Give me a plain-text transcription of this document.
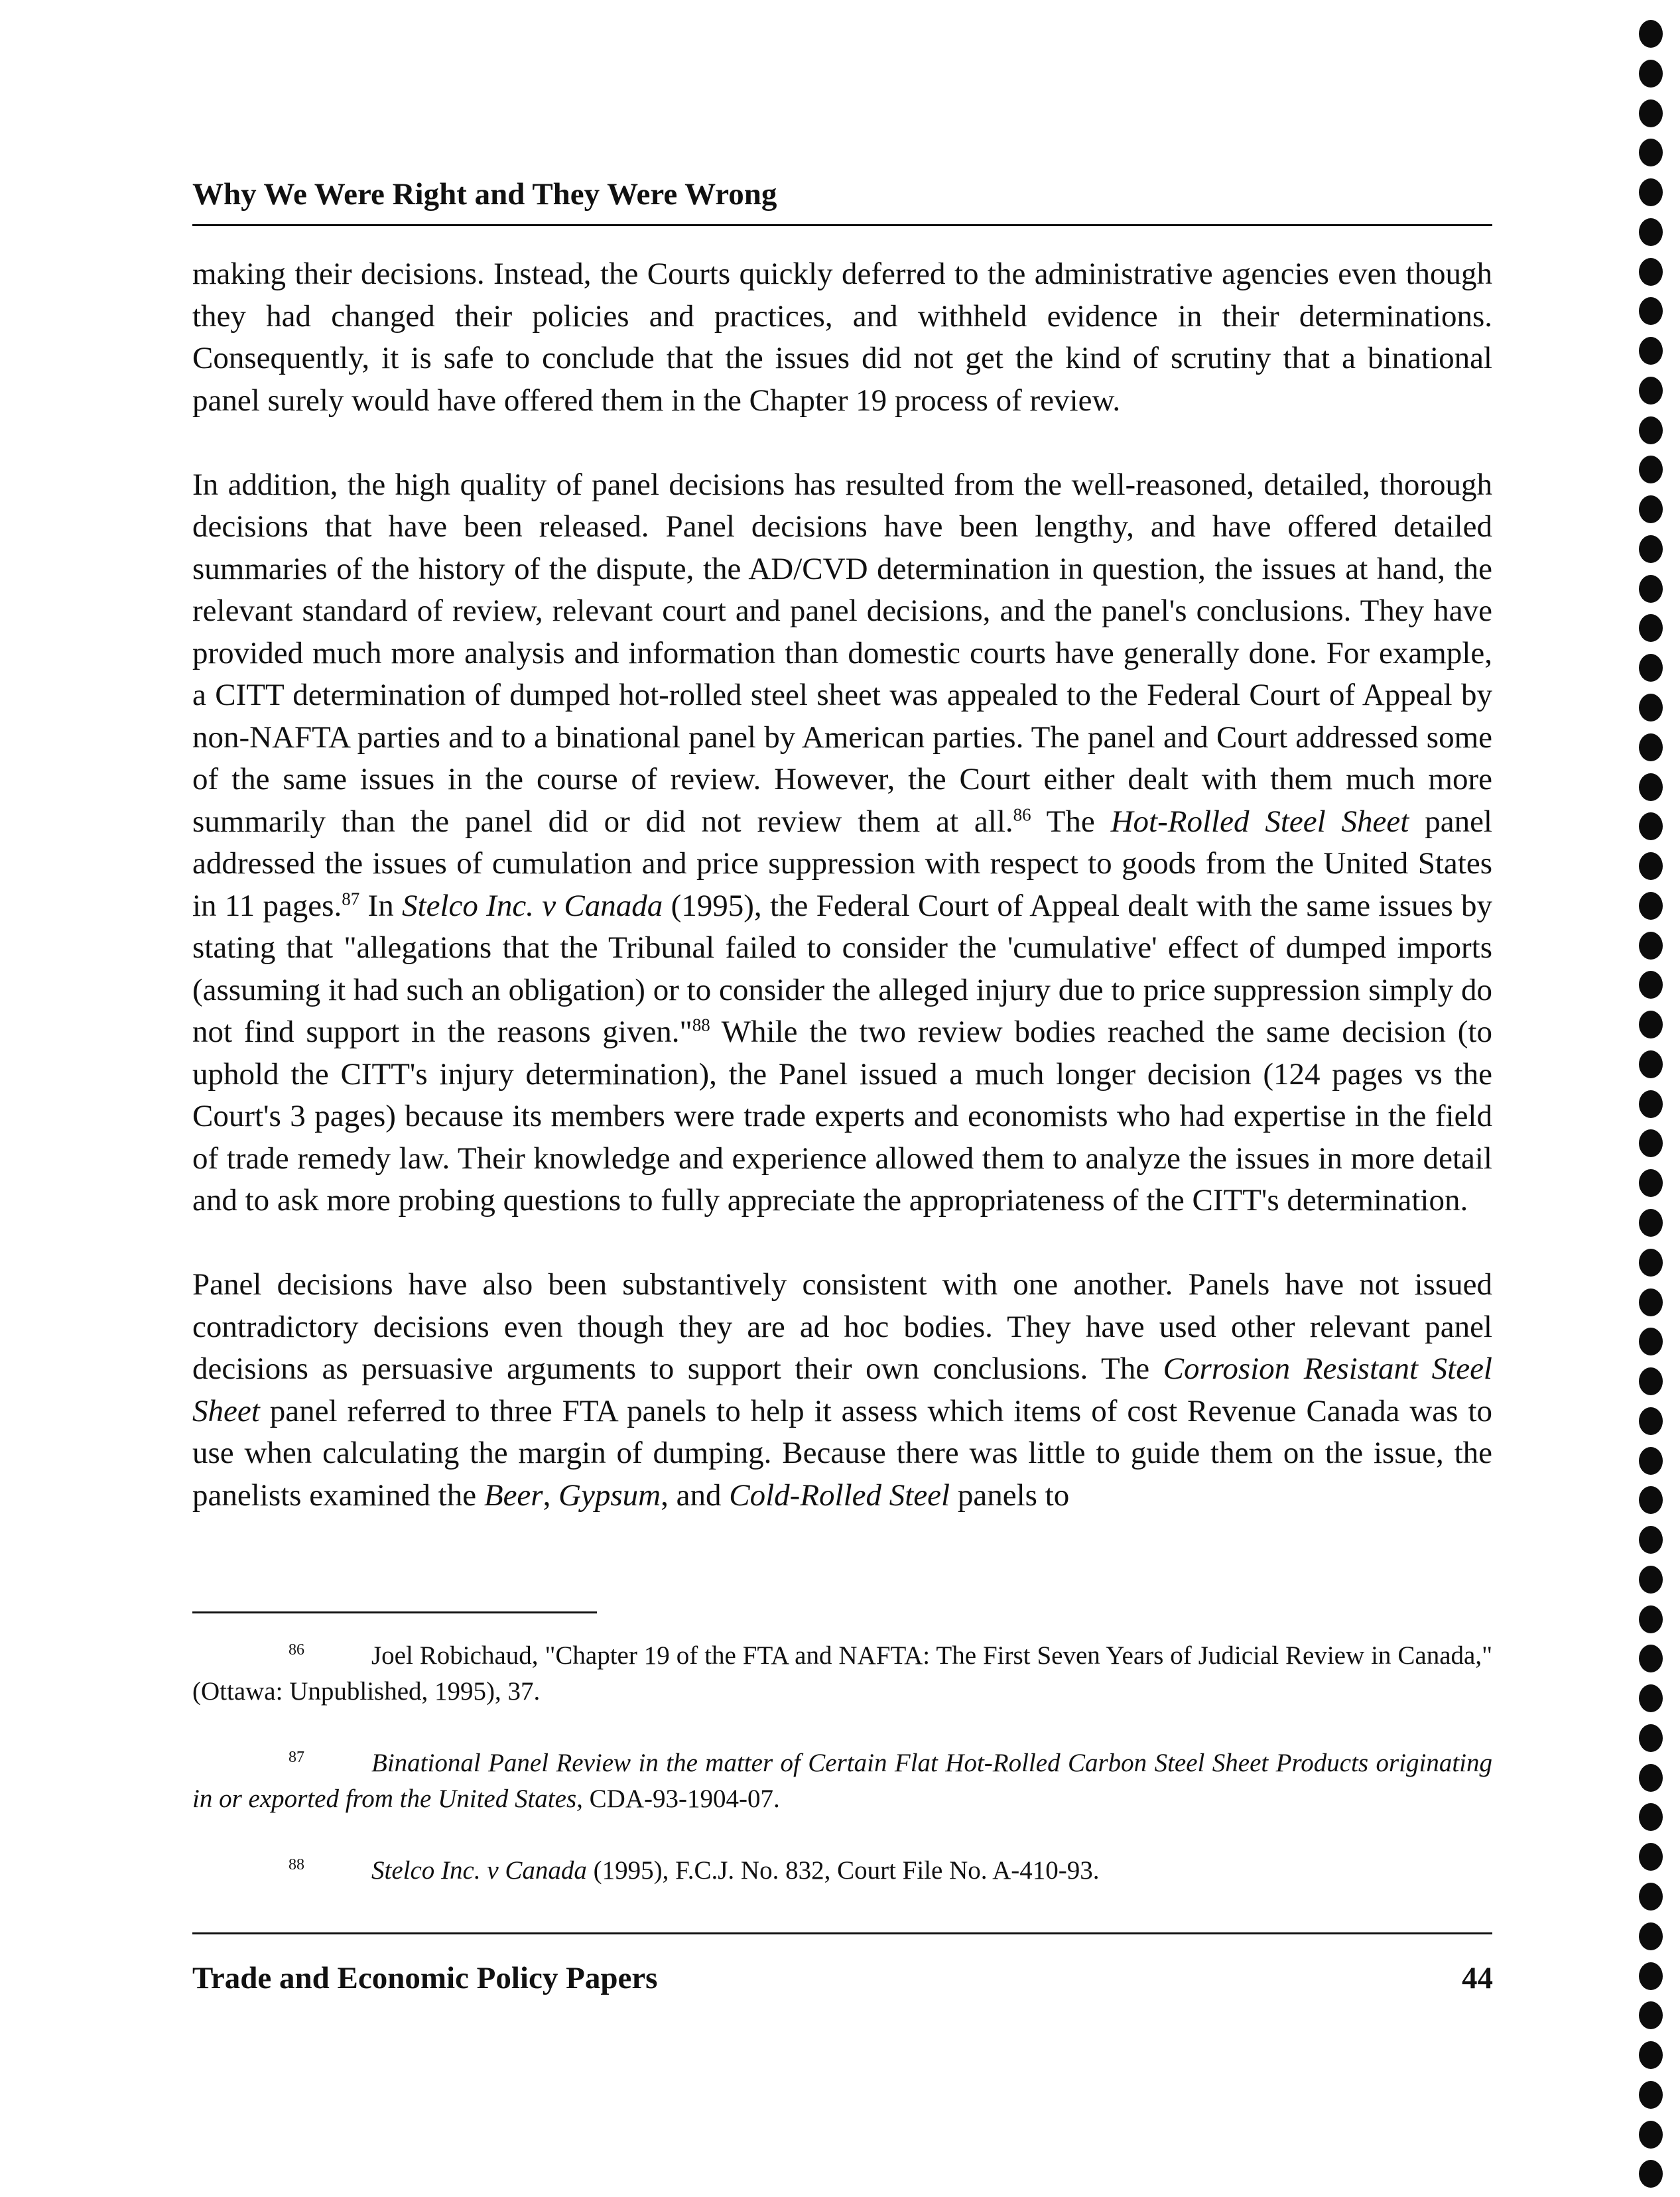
Why We Were Right and They Were Wrong

making their decisions. Instead, the Courts quickly deferred to the administrative agencies even though they had changed their policies and practices, and withheld evidence in their determinations. Consequently, it is safe to conclude that the issues did not get the kind of scrutiny that a binational panel surely would have offered them in the Chapter 19 process of review.

In addition, the high quality of panel decisions has resulted from the well-reasoned, detailed, thorough decisions that have been released. Panel decisions have been lengthy, and have offered detailed summaries of the history of the dispute, the AD/CVD determination in question, the issues at hand, the relevant standard of review, relevant court and panel decisions, and the panel's conclusions. They have provided much more analysis and information than domestic courts have generally done. For example, a CITT determination of dumped hot-rolled steel sheet was appealed to the Federal Court of Appeal by non-NAFTA parties and to a binational panel by American parties. The panel and Court addressed some of the same issues in the course of review. However, the Court either dealt with them much more summarily than the panel did or did not review them at all.$^{86}$ The Hot-Rolled Steel Sheet panel addressed the issues of cumulation and price suppression with respect to goods from the United States in 11 pages.$^{87}$ In Stelco Inc. v Canada (1995), the Federal Court of Appeal dealt with the same issues by stating that "allegations that the Tribunal failed to consider the 'cumulative' effect of dumped imports (assuming it had such an obligation) or to consider the alleged injury due to price suppression simply do not find support in the reasons given."$^{88}$ While the two review bodies reached the same decision (to uphold the CITT's injury determination), the Panel issued a much longer decision (124 pages vs the Court's 3 pages) because its members were trade experts and economists who had expertise in the field of trade remedy law. Their knowledge and experience allowed them to analyze the issues in more detail and to ask more probing questions to fully appreciate the appropriateness of the CITT's determination.

Panel decisions have also been substantively consistent with one another. Panels have not issued contradictory decisions even though they are ad hoc bodies. They have used other relevant panel decisions as persuasive arguments to support their own conclusions. The Corrosion Resistant Steel Sheet panel referred to three FTA panels to help it assess which items of cost Revenue Canada was to use when calculating the margin of dumping. Because there was little to guide them on the issue, the panelists examined the Beer, Gypsum, and Cold-Rolled Steel panels to

86	Joel Robichaud, "Chapter 19 of the FTA and NAFTA: The First Seven Years of Judicial Review in Canada," (Ottawa: Unpublished, 1995), 37.
87	Binational Panel Review in the matter of Certain Flat Hot-Rolled Carbon Steel Sheet Products originating in or exported from the United States, CDA-93-1904-07.
88	Stelco Inc. v Canada (1995), F.C.J. No. 832, Court File No. A-410-93.
Trade and Economic Policy Papers	44
